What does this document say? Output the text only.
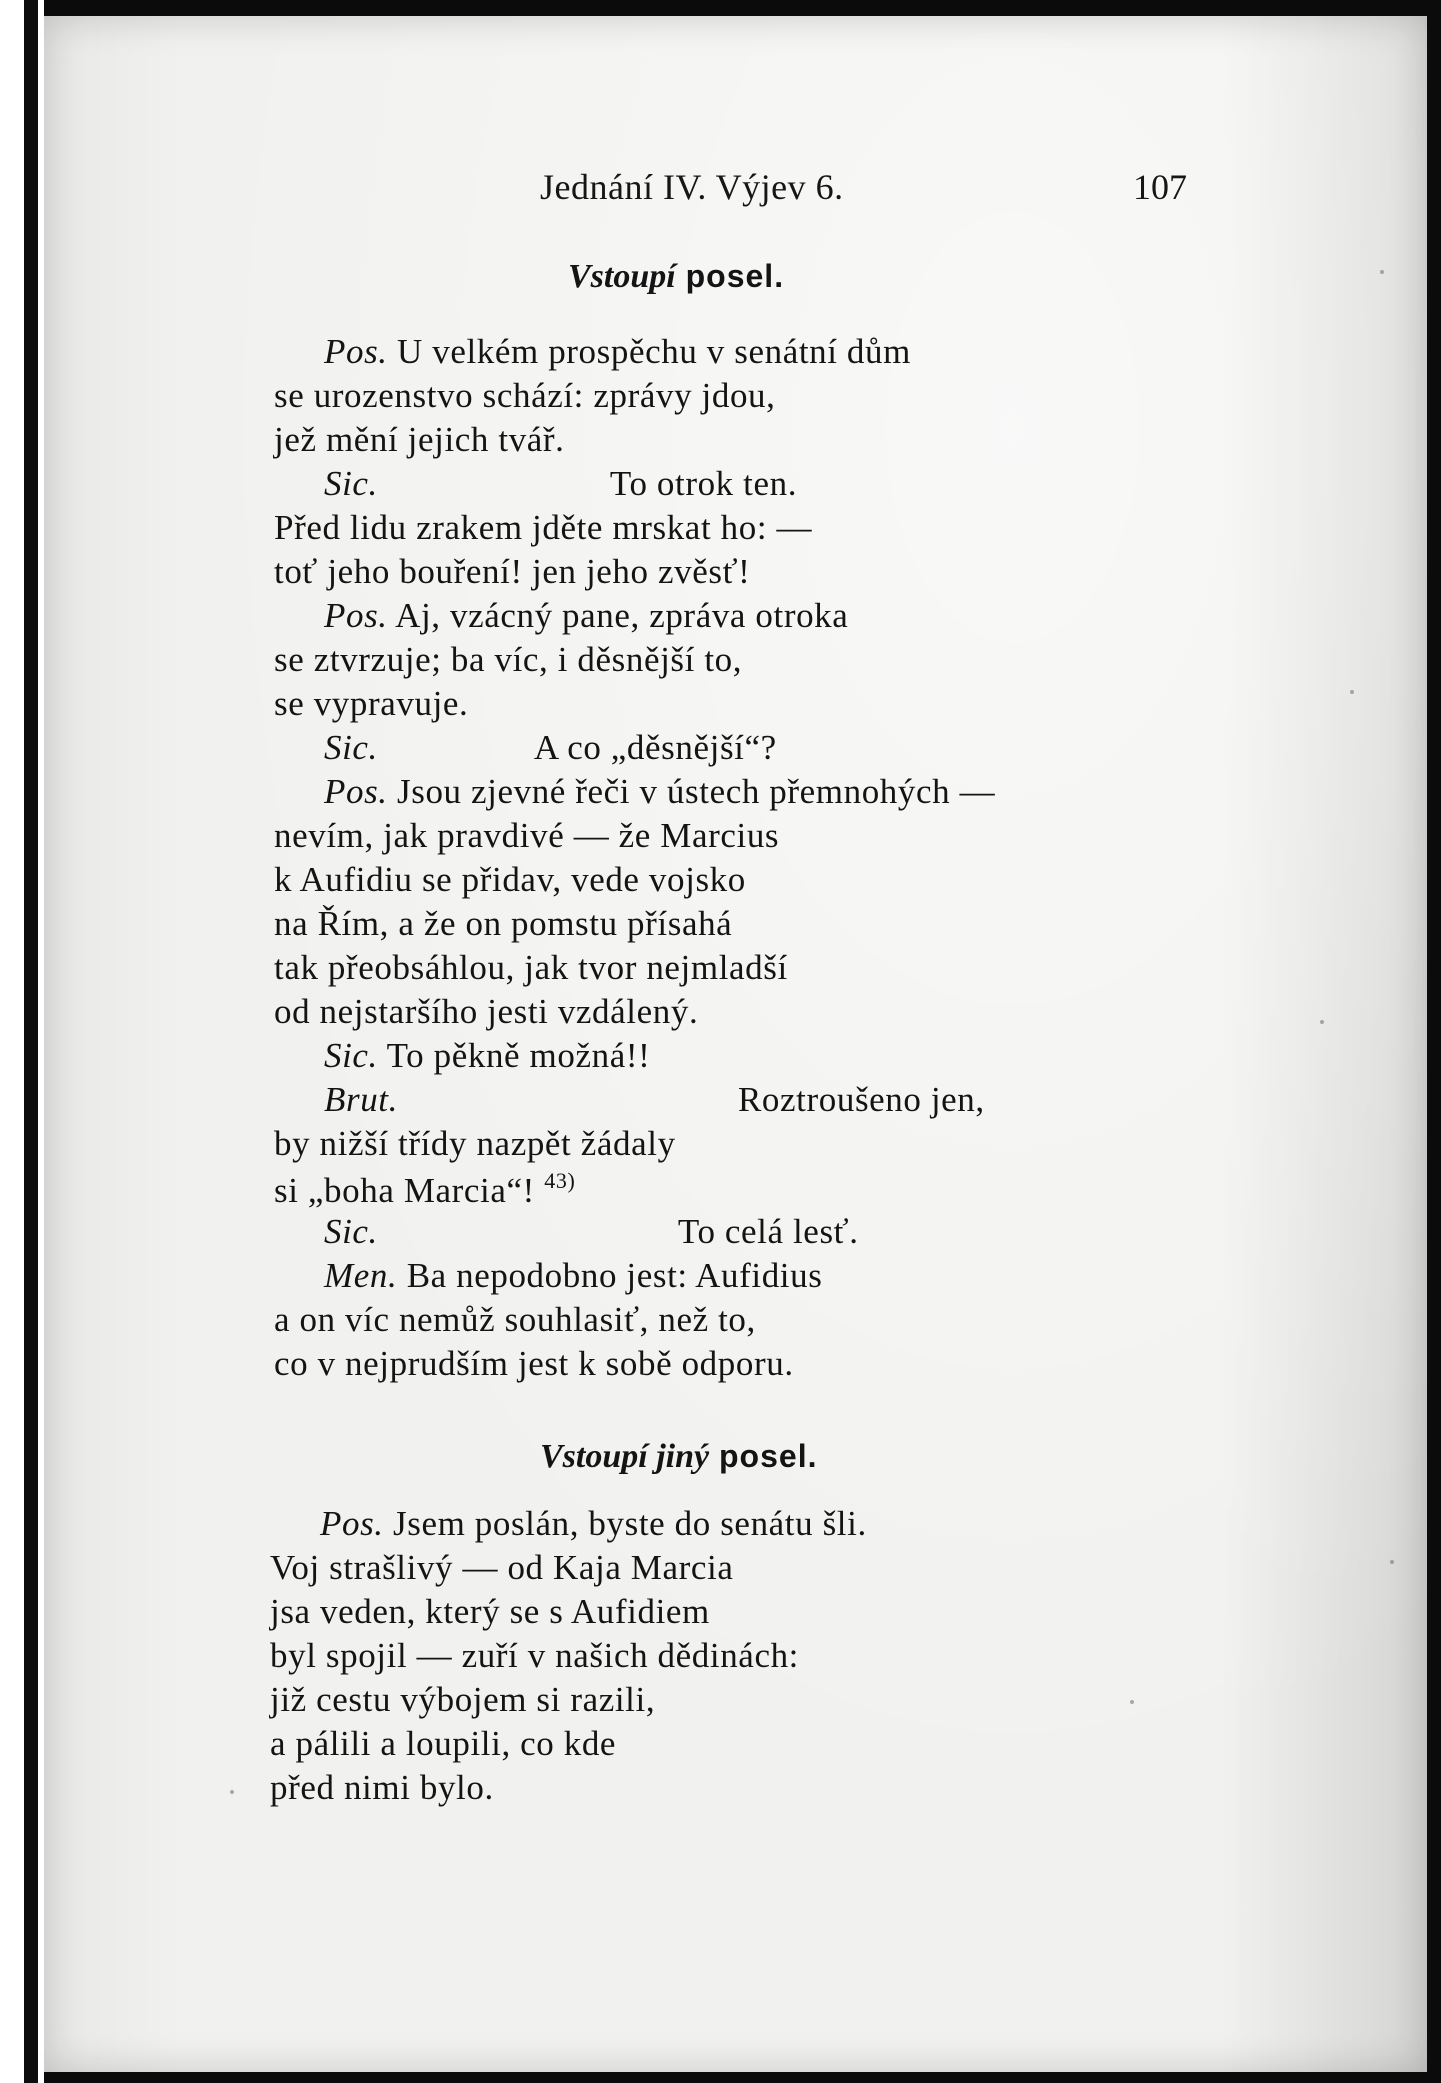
Jednání IV. Výjev 6.	107
Vstoupí posel.
Pos. U velkém prospěchu v senátní dům
se urozenstvo schází: zprávy jdou,
jež mění jejich tvář.
Sic.	To otrok ten.
Před lidu zrakem jděte mrskat ho: —
toť jeho bouření! jen jeho zvěsť!
Pos. Aj, vzácný pane, zpráva otroka
se ztvrzuje; ba víc, i děsnější to,
se vypravuje.
Sic.	A co „děsnější“?
Pos. Jsou zjevné řeči v ústech přemnohých —
nevím, jak pravdivé — že Marcius
k Aufidiu se přidav, vede vojsko
na Řím, a že on pomstu přísahá
tak přeobsáhlou, jak tvor nejmladší
od nejstaršího jesti vzdálený.
Sic. To pěkně možná!!
Brut.	Roztroušeno jen,
by nižší třídy nazpět žádaly
si „boha Marcia“! $^{43)}$
Sic.	To celá lesť.
Men. Ba nepodobno jest: Aufidius
a on víc nemůž souhlasiť, než to,
co v nejprudším jest k sobě odporu.
Vstoupí jiný posel.
Pos. Jsem poslán, byste do senátu šli.
Voj strašlivý — od Kaja Marcia
jsa veden, který se s Aufidiem
byl spojil — zuří v našich dědinách:
již cestu výbojem si razili,
a pálili a loupili, co kde
před nimi bylo.
